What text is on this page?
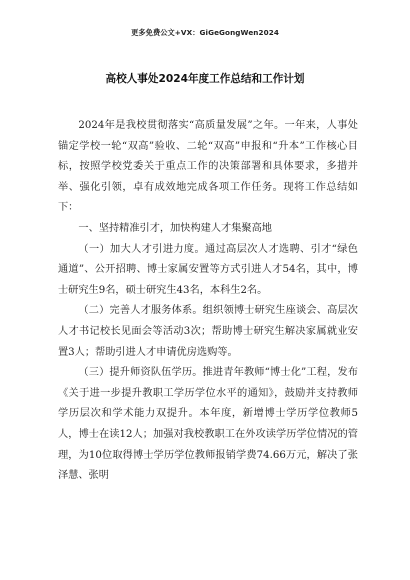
更多免费公文+VX：GiGeGongWen2024
高校人事处2024年度工作总结和工作计划

2024年是我校贯彻落实“高质量发展”之年。一年来，人事处锚定学校一轮“双高”验收、二轮“双高”申报和“升本”工作核心目标，按照学校党委关于重点工作的决策部署和具体要求，多措并举、强化引领，卓有成效地完成各项工作任务。现将工作总结如下：

一、坚持精准引才，加快构建人才集聚高地

（一）加大人才引进力度。通过高层次人才选聘、引才“绿色通道”、公开招聘、博士家属安置等方式引进人才54名，其中，博士研究生9名，硕士研究生43名，本科生2名。

（二）完善人才服务体系。组织领博士研究生座谈会、高层次人才书记校长见面会等活动3次；帮助博士研究生解决家属就业安置3人；帮助引进人才申请优房选购等。

（三）提升师资队伍学历。推进青年教师“博士化”工程，发布《关于进一步提升教职工学历学位水平的通知》，鼓励并支持教师学历层次和学术能力双提升。本年度，新增博士学历学位教师5人，博士在读12人；加强对我校教职工在外攻读学历学位情况的管理，为10位取得博士学历学位教师报销学费74.66万元，解决了张泽慧、张明
